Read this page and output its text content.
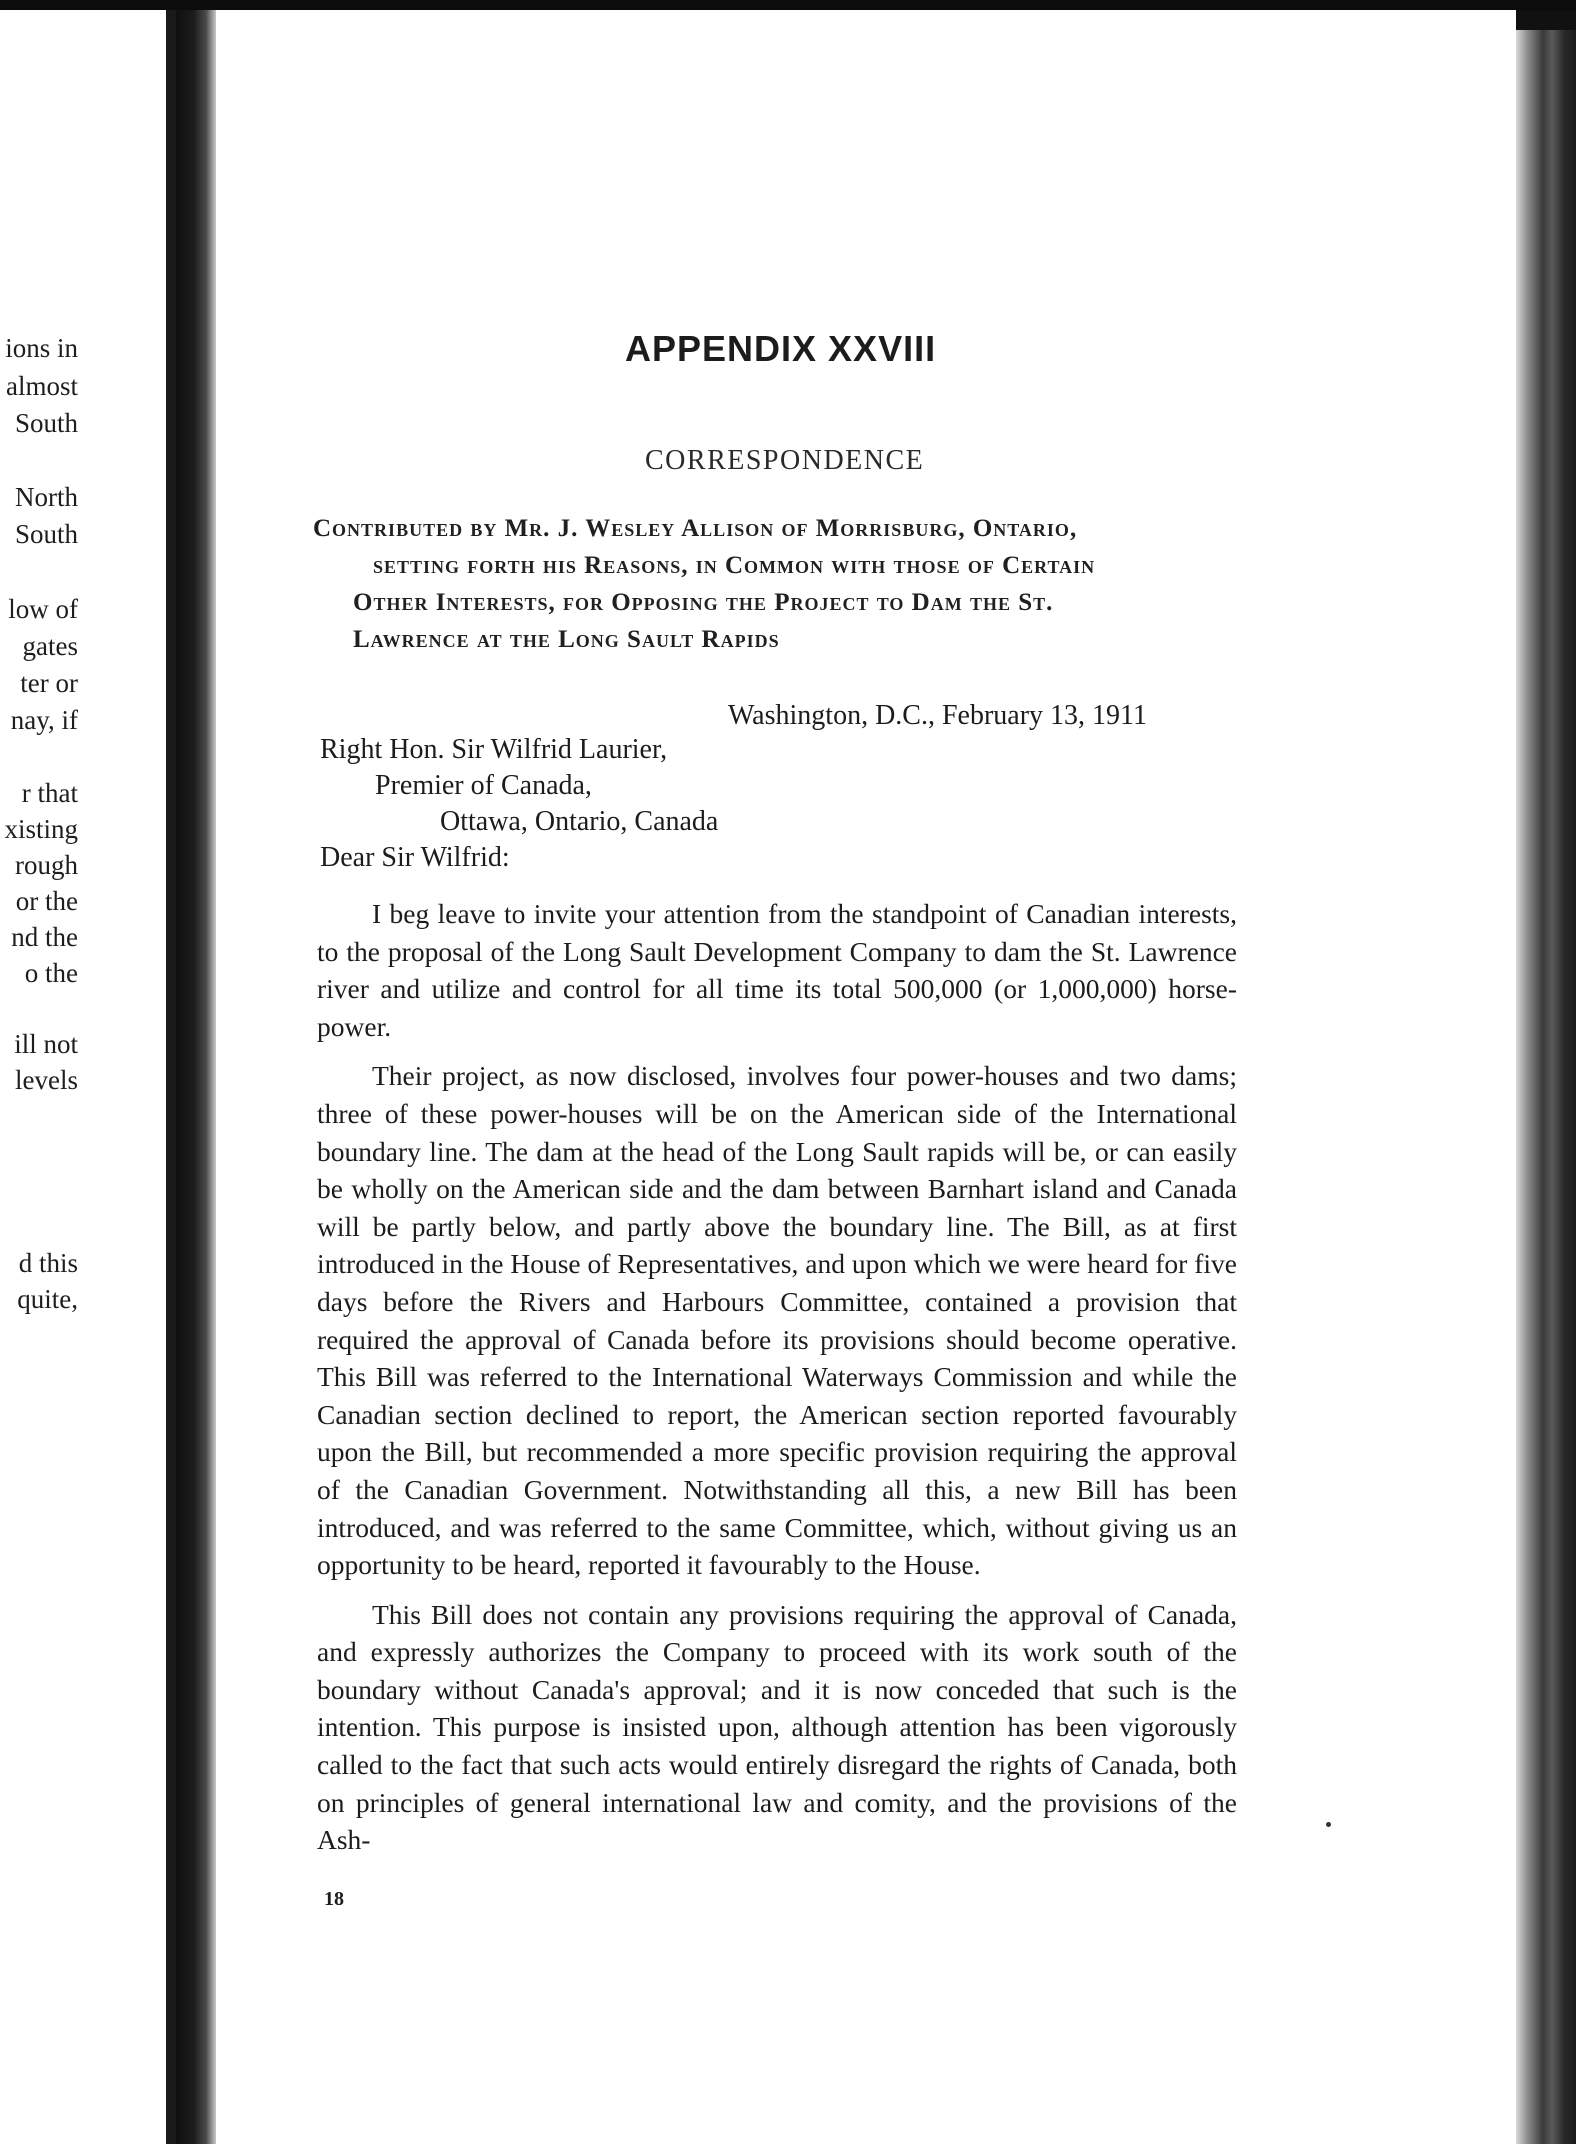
ions in
almost
South
North
South
low of
gates
ter or
nay, if
r that
xisting
rough
or the
nd the
o the
ill not
levels
d this
quite,
APPENDIX XXVIII
CORRESPONDENCE
Contributed by Mr. J. Wesley Allison of Morrisburg, Ontario,
setting forth his Reasons, in Common with those of Certain
Other Interests, for Opposing the Project to Dam the St.
Lawrence at the Long Sault Rapids
Washington, D.C., February 13, 1911
Right Hon. Sir Wilfrid Laurier,
Premier of Canada,
Ottawa, Ontario, Canada
Dear Sir Wilfrid:

I beg leave to invite your attention from the standpoint of Canadian interests, to the proposal of the Long Sault Development Company to dam the St. Lawrence river and utilize and control for all time its total 500,000 (or 1,000,000) horse-power.

Their project, as now disclosed, involves four power-houses and two dams; three of these power-houses will be on the American side of the International boundary line. The dam at the head of the Long Sault rapids will be, or can easily be wholly on the American side and the dam between Barnhart island and Canada will be partly below, and partly above the boundary line. The Bill, as at first introduced in the House of Representatives, and upon which we were heard for five days before the Rivers and Harbours Committee, contained a provision that required the approval of Canada before its provisions should become operative. This Bill was referred to the International Waterways Commission and while the Canadian section declined to report, the American section reported favourably upon the Bill, but recommended a more specific provision requiring the approval of the Canadian Government. Notwithstanding all this, a new Bill has been introduced, and was referred to the same Committee, which, without giving us an opportunity to be heard, reported it favourably to the House.

This Bill does not contain any provisions requiring the approval of Canada, and expressly authorizes the Company to proceed with its work south of the boundary without Canada's approval; and it is now conceded that such is the intention. This purpose is insisted upon, although attention has been vigorously called to the fact that such acts would entirely disregard the rights of Canada, both on principles of general international law and comity, and the provisions of the Ash-

18
